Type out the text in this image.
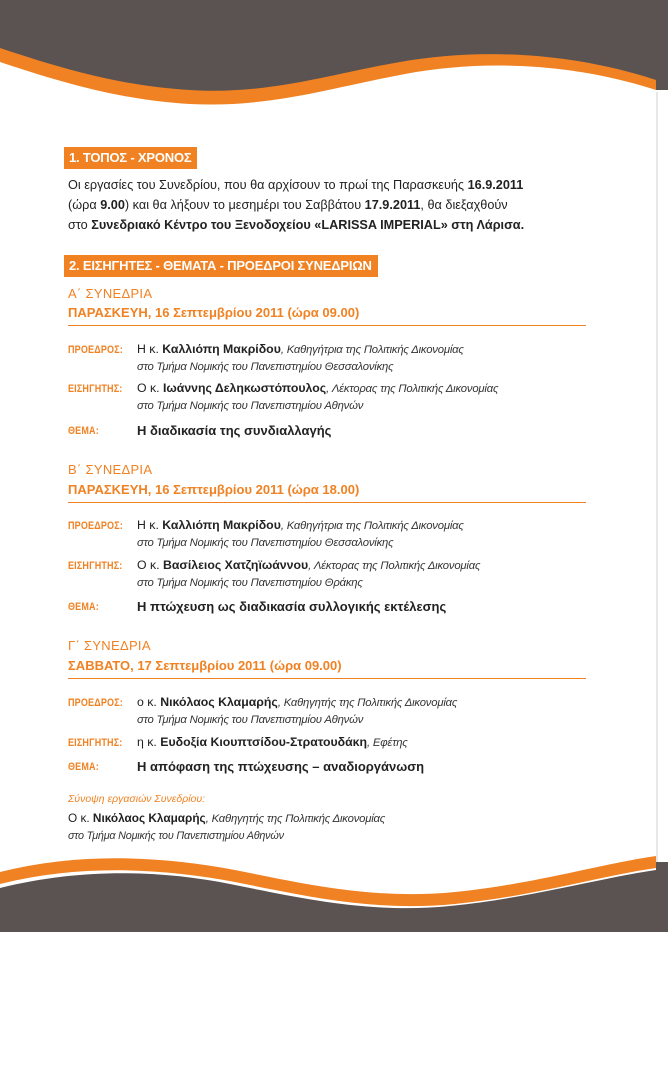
1. ΤΟΠΟΣ - ΧΡΟΝΟΣ
Οι εργασίες του Συνεδρίου, που θα αρχίσουν το πρωί της Παρασκευής 16.9.2011
(ώρα 9.00) και θα λήξουν το μεσημέρι του Σαββάτου 17.9.2011, θα διεξαχθούν
στο Συνεδριακό Κέντρο του Ξενοδοχείου «LARISSA IMPERIAL» στη Λάρισα.
2. ΕΙΣΗΓΗΤΕΣ - ΘΕΜΑΤΑ - ΠΡΟΕΔΡΟΙ ΣΥΝΕΔΡΙΩΝ
Α΄ ΣΥΝΕΔΡΙΑ
ΠΑΡΑΣΚΕΥΗ, 16 Σεπτεμβρίου 2011 (ώρα 09.00)
ΠΡΟΕΔΡΟΣ: Η κ. Καλλιόπη Μακρίδου, Καθηγήτρια της Πολιτικής Δικονομίας
στο Τμήμα Νομικής του Πανεπιστημίου Θεσσαλονίκης
ΕΙΣΗΓΗΤΗΣ: Ο κ. Ιωάννης Δεληκωστόπουλος, Λέκτορας της Πολιτικής Δικονομίας
στο Τμήμα Νομικής του Πανεπιστημίου Αθηνών
ΘΕΜΑ:	Η διαδικασία της συνδιαλλαγής
Β΄ ΣΥΝΕΔΡΙΑ
ΠΑΡΑΣΚΕΥΗ, 16 Σεπτεμβρίου 2011 (ώρα 18.00)
ΠΡΟΕΔΡΟΣ: Η κ. Καλλιόπη Μακρίδου, Καθηγήτρια της Πολιτικής Δικονομίας
στο Τμήμα Νομικής του Πανεπιστημίου Θεσσαλονίκης
ΕΙΣΗΓΗΤΗΣ: Ο κ. Βασίλειος Χατζηϊωάννου, Λέκτορας της Πολιτικής Δικονομίας
στο Τμήμα Νομικής του Πανεπιστημίου Θράκης
ΘΕΜΑ:	Η πτώχευση ως διαδικασία συλλογικής εκτέλεσης
Γ΄ ΣΥΝΕΔΡΙΑ
ΣΑΒΒΑΤΟ, 17 Σεπτεμβρίου 2011 (ώρα 09.00)
ΠΡΟΕΔΡΟΣ: ο κ. Νικόλαος Κλαμαρής, Καθηγητής της Πολιτικής Δικονομίας
στο Τμήμα Νομικής του Πανεπιστημίου Αθηνών
ΕΙΣΗΓΗΤΗΣ: η κ. Ευδοξία Κιουπτσίδου-Στρατουδάκη, Εφέτης
ΘΕΜΑ:	Η απόφαση της πτώχευσης – αναδιοργάνωση
Σύνοψη εργασιών Συνεδρίου:
Ο κ. Νικόλαος Κλαμαρής, Καθηγητής της Πολιτικής Δικονομίας
στο Τμήμα Νομικής του Πανεπιστημίου Αθηνών
